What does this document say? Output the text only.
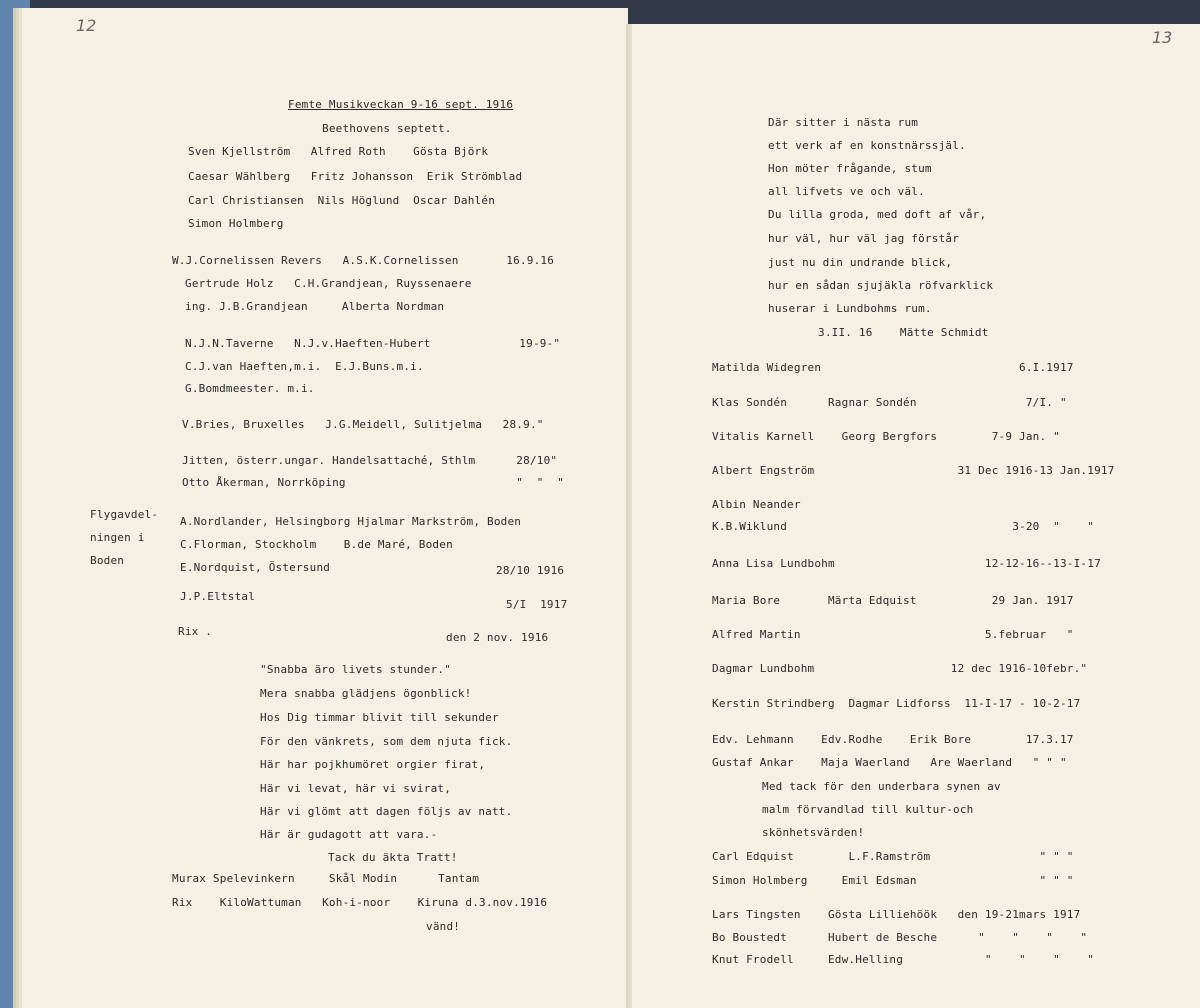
12
Femte Musikveckan 9-16 sept. 1916
Beethovens septett.
Sven Kjellström   Alfred Roth    Gösta Björk
Caesar Wählberg   Fritz Johansson  Erik Strömblad
Carl Christiansen  Nils Höglund  Oscar Dahlén
Simon Holmberg
W.J.Cornelissen Revers   A.S.K.Cornelissen       16.9.16
Gertrude Holz   C.H.Grandjean, Ruyssenaere
ing. J.B.Grandjean     Alberta Nordman
N.J.N.Taverne   N.J.v.Haeften-Hubert             19-9-"
C.J.van Haeften,m.i.  E.J.Buns.m.i.
G.Bomdmeester. m.i.
V.Bries, Bruxelles   J.G.Meidell, Sulitjelma   28.9."
Jitten, österr.ungar. Handelsattaché, Sthlm      28/10"
Otto Åkerman, Norrköping                         "  "  "
Flygavdel-
A.Nordlander, Helsingborg Hjalmar Markström, Boden
ningen i
C.Florman, Stockholm    B.de Maré, Boden
Boden
E.Nordquist, Östersund	28/10 1916
J.P.Eltstal
5/I  1917
Rix .	den 2 nov. 1916
"Snabba äro livets stunder."
Mera snabba glädjens ögonblick!
Hos Dig timmar blivit till sekunder
För den vänkrets, som dem njuta fick.
Här har pojkhumöret orgier firat,
Här vi levat, här vi svirat,
Här vi glömt att dagen följs av natt.
Här är gudagott att vara.-
Tack du äkta Tratt!
Murax Spelevinkern     Skål Modin      Tantam
Rix    KiloWattuman   Koh-i-noor    Kiruna d.3.nov.1916
vänd!
13
Där sitter i nästa rum
ett verk af en konstnärssjäl.
Hon möter frågande, stum
all lifvets ve och väl.
Du lilla groda, med doft af vår,
hur väl, hur väl jag förstår
just nu din undrande blick,
hur en sådan sjujäkla röfvarklick
huserar i Lundbohms rum.
3.II. 16    Mätte Schmidt
Matilda Widegren                             6.I.1917
Klas Sondén      Ragnar Sondén                7/I. "
Vitalis Karnell    Georg Bergfors        7-9 Jan. "
Albert Engström                     31 Dec 1916-13 Jan.1917
Albin Neander
K.B.Wiklund                                 3-20  "    "
Anna Lisa Lundbohm                      12-12-16--13-I-17
Maria Bore       Märta Edquist           29 Jan. 1917
Alfred Martin                           5.februar   "
Dagmar Lundbohm                    12 dec 1916-10febr."
Kerstin Strindberg  Dagmar Lidforss  11-I-17 - 10-2-17
Edv. Lehmann    Edv.Rodhe    Erik Bore        17.3.17
Gustaf Ankar    Maja Waerland   Are Waerland   " " "
Med tack för den underbara synen av
malm förvandlad till kultur-och
skönhetsvärden!
Carl Edquist        L.F.Ramström                " " "
Simon Holmberg     Emil Edsman                  " " "
Lars Tingsten    Gösta Lilliehöök   den 19-21mars 1917
Bo Boustedt      Hubert de Besche      "    "    "    "
Knut Frodell     Edw.Helling            "    "    "    "
